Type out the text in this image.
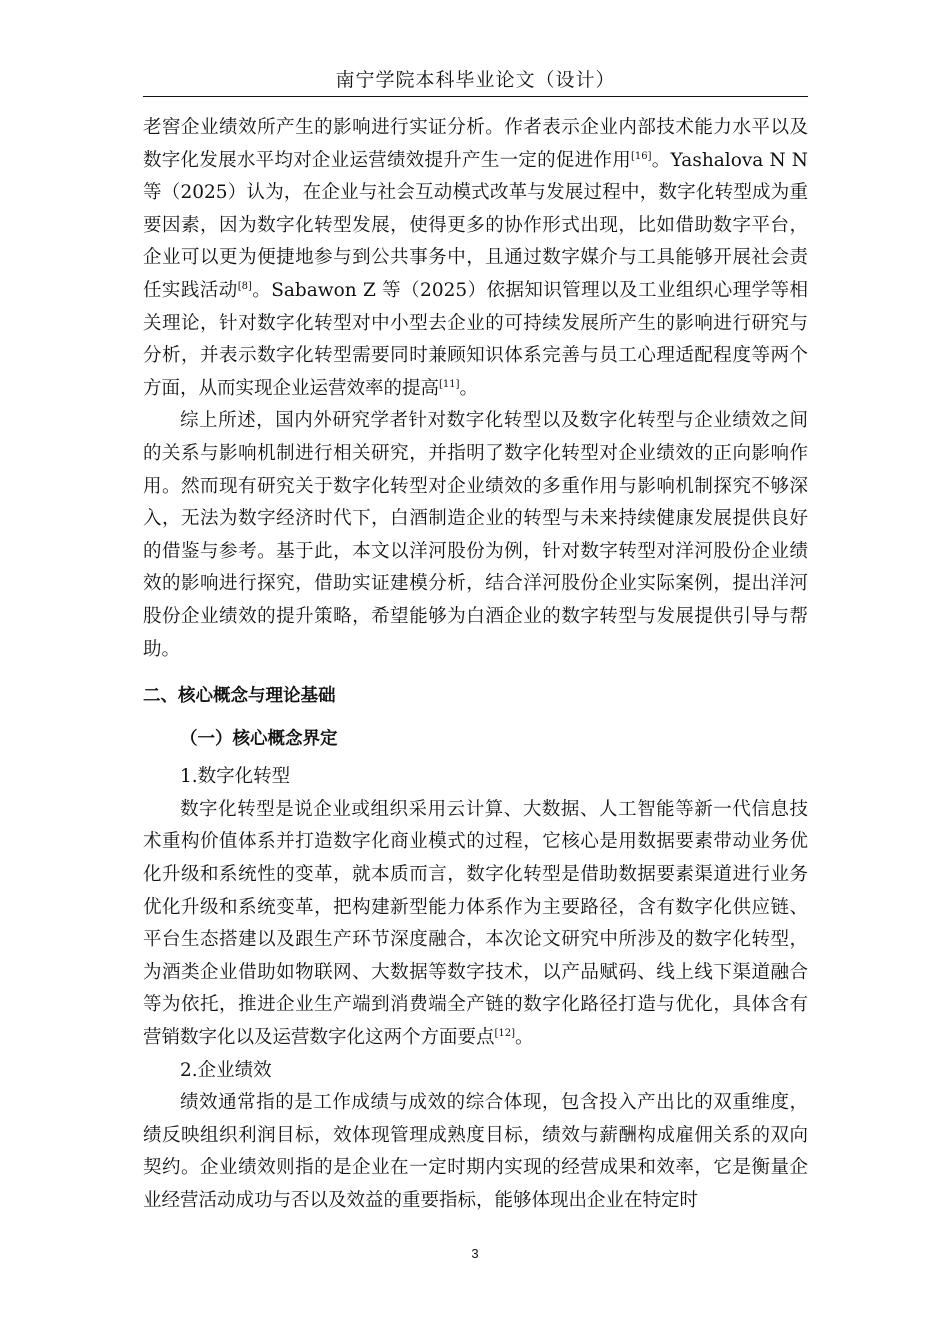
南宁学院本科毕业论文（设计）

老窖企业绩效所产生的影响进行实证分析。作者表示企业内部技术能力水平以及数字化发展水平均对企业运营绩效提升产生一定的促进作用[16]。Yashalova N N 等（2025）认为，在企业与社会互动模式改革与发展过程中，数字化转型成为重要因素，因为数字化转型发展，使得更多的协作形式出现，比如借助数字平台，企业可以更为便捷地参与到公共事务中，且通过数字媒介与工具能够开展社会责任实践活动[8]。Sabawon Z 等（2025）依据知识管理以及工业组织心理学等相关理论，针对数字化转型对中小型去企业的可持续发展所产生的影响进行研究与分析，并表示数字化转型需要同时兼顾知识体系完善与员工心理适配程度等两个方面，从而实现企业运营效率的提高[11]。

综上所述，国内外研究学者针对数字化转型以及数字化转型与企业绩效之间的关系与影响机制进行相关研究，并指明了数字化转型对企业绩效的正向影响作用。然而现有研究关于数字化转型对企业绩效的多重作用与影响机制探究不够深入，无法为数字经济时代下，白酒制造企业的转型与未来持续健康发展提供良好的借鉴与参考。基于此，本文以洋河股份为例，针对数字转型对洋河股份企业绩效的影响进行探究，借助实证建模分析，结合洋河股份企业实际案例，提出洋河股份企业绩效的提升策略，希望能够为白酒企业的数字转型与发展提供引导与帮助。

二、核心概念与理论基础

（一）核心概念界定

1.数字化转型

数字化转型是说企业或组织采用云计算、大数据、人工智能等新一代信息技术重构价值体系并打造数字化商业模式的过程，它核心是用数据要素带动业务优化升级和系统性的变革，就本质而言，数字化转型是借助数据要素渠道进行业务优化升级和系统变革，把构建新型能力体系作为主要路径，含有数字化供应链、平台生态搭建以及跟生产环节深度融合，本次论文研究中所涉及的数字化转型，为酒类企业借助如物联网、大数据等数字技术，以产品赋码、线上线下渠道融合等为依托，推进企业生产端到消费端全产链的数字化路径打造与优化，具体含有营销数字化以及运营数字化这两个方面要点[12]。

2.企业绩效

绩效通常指的是工作成绩与成效的综合体现，包含投入产出比的双重维度，绩反映组织利润目标，效体现管理成熟度目标，绩效与薪酬构成雇佣关系的双向契约。企业绩效则指的是企业在一定时期内实现的经营成果和效率，它是衡量企业经营活动成功与否以及效益的重要指标，能够体现出企业在特定时

3
